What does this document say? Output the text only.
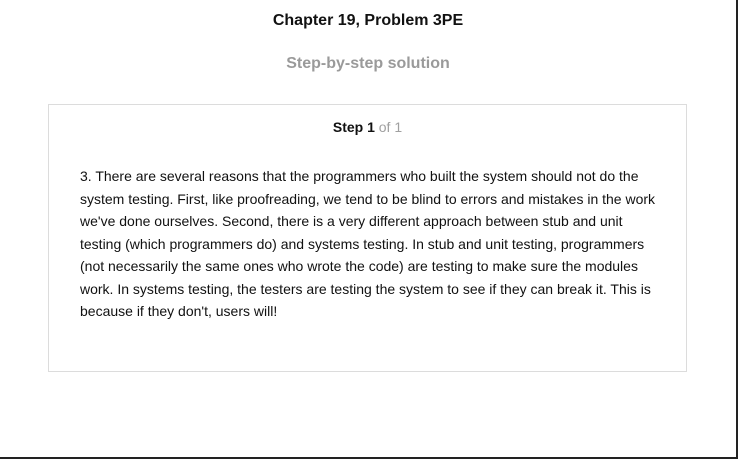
Chapter 19, Problem 3PE
Step-by-step solution
Step 1 of 1

3. There are several reasons that the programmers who built the system should not do the system testing. First, like proofreading, we tend to be blind to errors and mistakes in the work we've done ourselves. Second, there is a very different approach between stub and unit testing (which programmers do) and systems testing. In stub and unit testing, programmers (not necessarily the same ones who wrote the code) are testing to make sure the modules work. In systems testing, the testers are testing the system to see if they can break it. This is because if they don't, users will!
